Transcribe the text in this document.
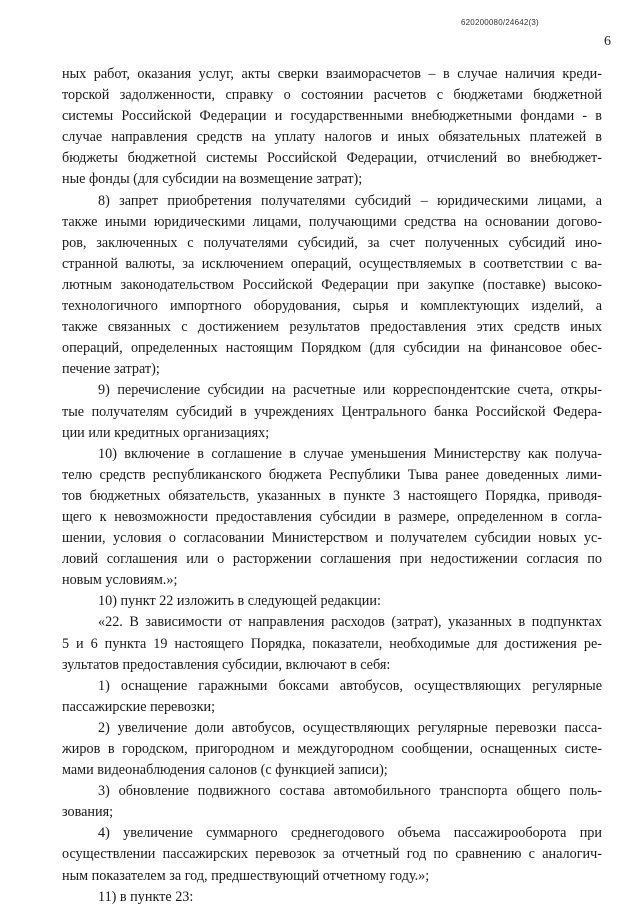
620200080/24642(3)
6
ных работ, оказания услуг, акты сверки взаиморасчетов – в случае наличия креди-
торской задолженности, справку о состоянии расчетов с бюджетами бюджетной
системы Российской Федерации и государственными внебюджетными фондами - в
случае направления средств на уплату налогов и иных обязательных платежей в
бюджеты бюджетной системы Российской Федерации, отчислений во внебюджет-
ные фонды (для субсидии на возмещение затрат);
8) запрет приобретения получателями субсидий – юридическими лицами, а
также иными юридическими лицами, получающими средства на основании догово-
ров, заключенных с получателями субсидий, за счет полученных субсидий ино-
странной валюты, за исключением операций, осуществляемых в соответствии с ва-
лютным законодательством Российской Федерации при закупке (поставке) высоко-
технологичного импортного оборудования, сырья и комплектующих изделий, а
также связанных с достижением результатов предоставления этих средств иных
операций, определенных настоящим Порядком (для субсидии на финансовое обес-
печение затрат);
9) перечисление субсидии на расчетные или корреспондентские счета, откры-
тые получателям субсидий в учреждениях Центрального банка Российской Федера-
ции или кредитных организациях;
10) включение в соглашение в случае уменьшения Министерству как получа-
телю средств республиканского бюджета Республики Тыва ранее доведенных лими-
тов бюджетных обязательств, указанных в пункте 3 настоящего Порядка, приводя-
щего к невозможности предоставления субсидии в размере, определенном в согла-
шении, условия о согласовании Министерством и получателем субсидии новых ус-
ловий соглашения или о расторжении соглашения при недостижении согласия по
новым условиям.»;
10) пункт 22 изложить в следующей редакции:
«22. В зависимости от направления расходов (затрат), указанных в подпунктах
5 и 6 пункта 19 настоящего Порядка, показатели, необходимые для достижения ре-
зультатов предоставления субсидии, включают в себя:
1) оснащение гаражными боксами автобусов, осуществляющих регулярные
пассажирские перевозки;
2) увеличение доли автобусов, осуществляющих регулярные перевозки пасса-
жиров в городском, пригородном и междугородном сообщении, оснащенных систе-
мами видеонаблюдения салонов (с функцией записи);
3) обновление подвижного состава автомобильного транспорта общего поль-
зования;
4) увеличение суммарного среднегодового объема пассажирооборота при
осуществлении пассажирских перевозок за отчетный год по сравнению с аналогич-
ным показателем за год, предшествующий отчетному году.»;
11) в пункте 23:
